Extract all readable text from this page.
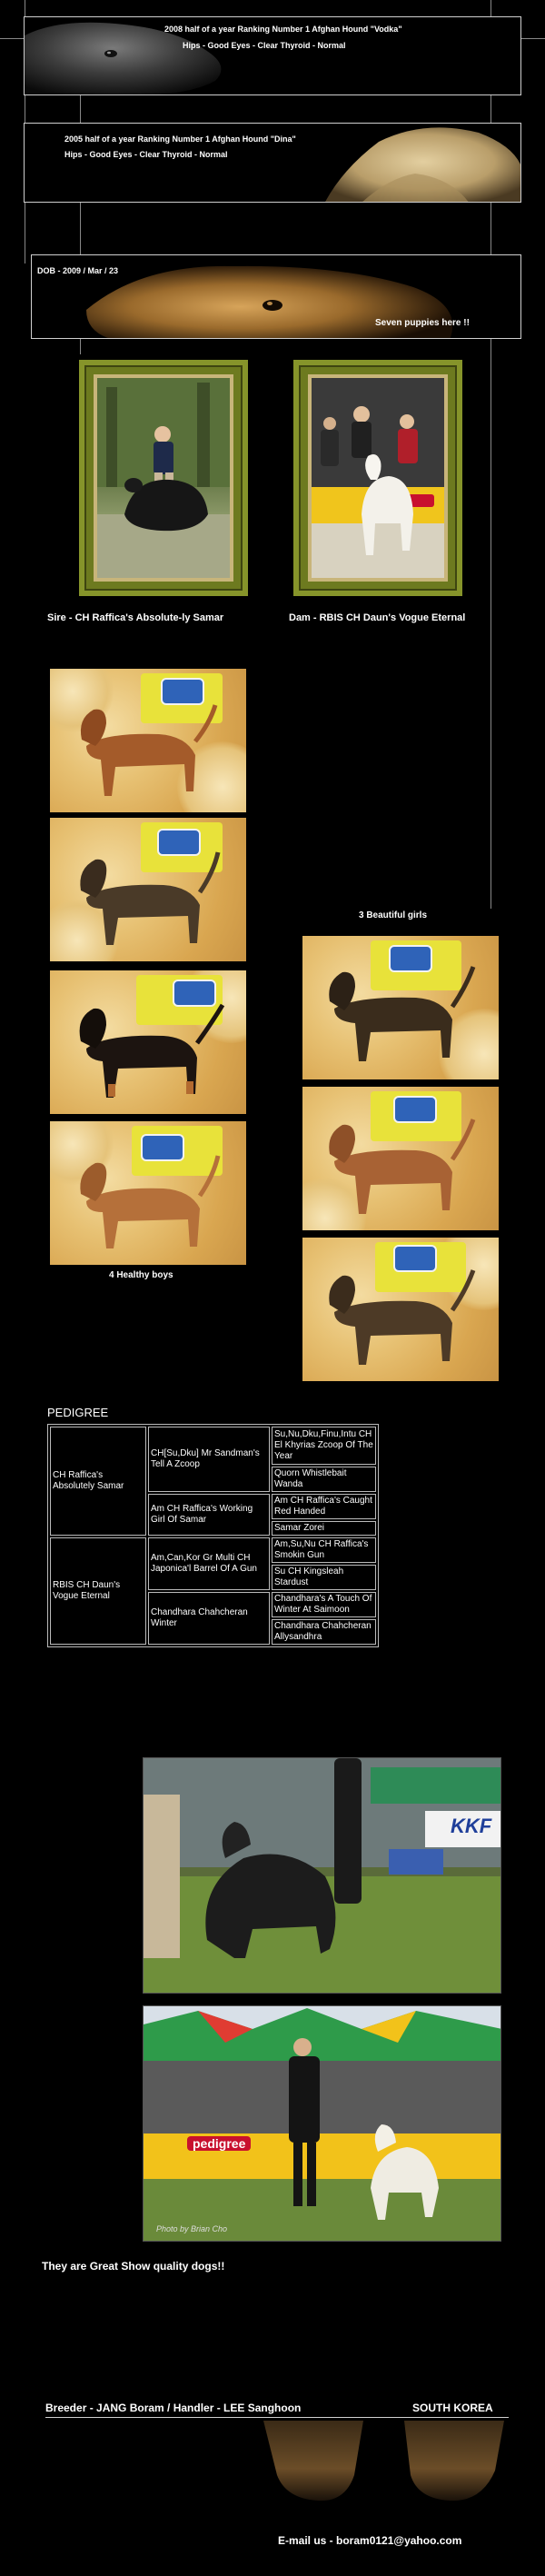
2008 half of a year Ranking Number 1 Afghan Hound "Vodka"
Hips - Good Eyes - Clear Thyroid - Normal
2005 half of a year Ranking Number 1 Afghan Hound "Dina"
Hips - Good Eyes - Clear Thyroid - Normal
DOB - 2009 / Mar / 23
Seven puppies here !!
Sire - CH Raffica's Absolute-ly Samar	Dam - RBIS CH Daun's Vogue Eternal
4 Healthy boys
3 Beautiful girls
PEDIGREE
CH Raffica's Absolutely Samar	CH[Su,Dku] Mr Sandman's Tell A Zcoop	Su,Nu,Dku,Finu,Intu CH El Khyrias Zcoop Of The Year
		Quorn Whistlebait Wanda
	Am CH Raffica's Working Girl Of Samar	Am CH Raffica's Caught Red Handed
		Samar Zorei
RBIS CH Daun's Vogue Eternal	Am,Can,Kor Gr Multi CH Japonica'l Barrel Of A Gun	Am,Su,Nu CH Raffica's Smokin Gun
		Su CH Kingsleah Stardust
	Chandhara Chahcheran Winter	Chandhara's A Touch Of Winter At Saimoon
		Chandhara Chahcheran Allysandhra
KKF
pedigree
Photo by Brian Cho
They are Great Show quality dogs!!
Breeder - JANG Boram / Handler - LEE Sanghoon	SOUTH KOREA
E-mail us - boram0121@yahoo.com
